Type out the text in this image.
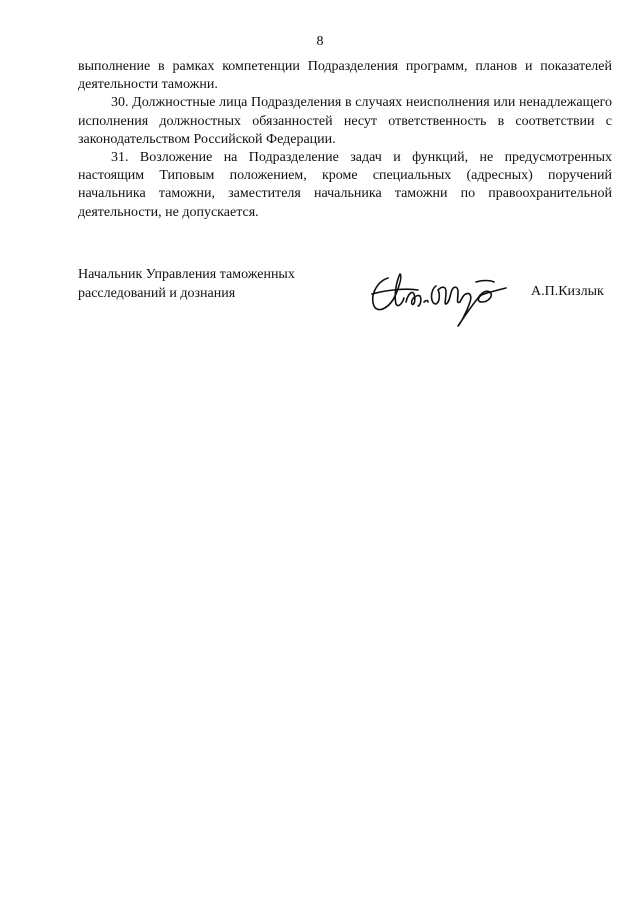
8

выполнение в рамках компетенции Подразделения программ, планов и показателей деятельности таможни.

30. Должностные лица Подразделения в случаях неисполнения или ненадлежащего исполнения должностных обязанностей несут ответственность в соответствии с законодательством Российской Федерации.

31. Возложение на Подразделение задач и функций, не предусмотренных настоящим Типовым положением, кроме специальных (адресных) поручений начальника таможни, заместителя начальника таможни по правоохранительной деятельности, не допускается.

Начальник Управления таможенных
расследований и дознания	А.П.Кизлык
